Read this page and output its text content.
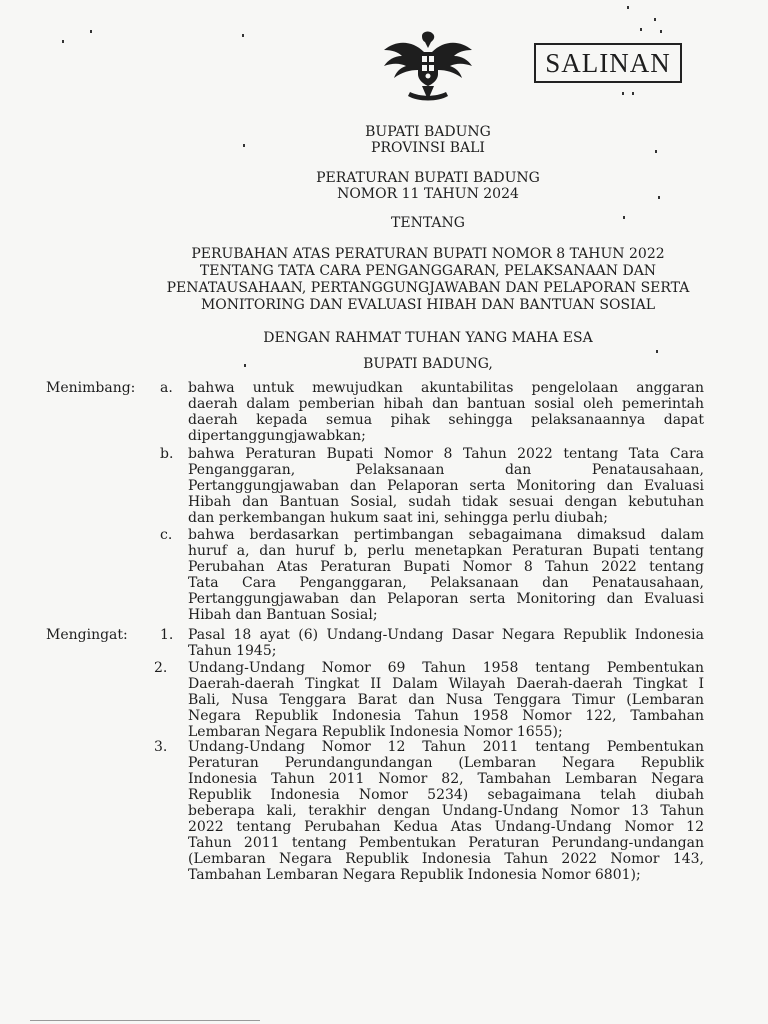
SALINAN
BUPATI BADUNG
PROVINSI BALI
PERATURAN BUPATI BADUNG
NOMOR 11 TAHUN 2024
TENTANG
PERUBAHAN ATAS PERATURAN BUPATI NOMOR 8 TAHUN 2022
TENTANG TATA CARA PENGANGGARAN, PELAKSANAAN DAN
PENATAUSAHAAN, PERTANGGUNGJAWABAN DAN PELAPORAN SERTA
MONITORING DAN EVALUASI HIBAH DAN BANTUAN SOSIAL
DENGAN RAHMAT TUHAN YANG MAHA ESA
BUPATI BADUNG,
Menimbang: a. bahwa untuk mewujudkan akuntabilitas pengelolaan anggaran
daerah dalam pemberian hibah dan bantuan sosial oleh pemerintah
daerah kepada semua pihak sehingga pelaksanaannya dapat
dipertanggungjawabkan;
b. bahwa Peraturan Bupati Nomor 8 Tahun 2022 tentang Tata Cara
Penganggaran, Pelaksanaan dan Penatausahaan,
Pertanggungjawaban dan Pelaporan serta Monitoring dan Evaluasi
Hibah dan Bantuan Sosial, sudah tidak sesuai dengan kebutuhan
dan perkembangan hukum saat ini, sehingga perlu diubah;
c. bahwa berdasarkan pertimbangan sebagaimana dimaksud dalam
huruf a, dan huruf b, perlu menetapkan Peraturan Bupati tentang
Perubahan Atas Peraturan Bupati Nomor 8 Tahun 2022 tentang
Tata Cara Penganggaran, Pelaksanaan dan Penatausahaan,
Pertanggungjawaban dan Pelaporan serta Monitoring dan Evaluasi
Hibah dan Bantuan Sosial;
Mengingat: 1. Pasal 18 ayat (6) Undang-Undang Dasar Negara Republik Indonesia
Tahun 1945;
2. Undang-Undang Nomor 69 Tahun 1958 tentang Pembentukan
Daerah-daerah Tingkat II Dalam Wilayah Daerah-daerah Tingkat I
Bali, Nusa Tenggara Barat dan Nusa Tenggara Timur (Lembaran
Negara Republik Indonesia Tahun 1958 Nomor 122, Tambahan
Lembaran Negara Republik Indonesia Nomor 1655);
3. Undang-Undang Nomor 12 Tahun 2011 tentang Pembentukan
Peraturan Perundangundangan (Lembaran Negara Republik
Indonesia Tahun 2011 Nomor 82, Tambahan Lembaran Negara
Republik Indonesia Nomor 5234) sebagaimana telah diubah
beberapa kali, terakhir dengan Undang-Undang Nomor 13 Tahun
2022 tentang Perubahan Kedua Atas Undang-Undang Nomor 12
Tahun 2011 tentang Pembentukan Peraturan Perundang-undangan
(Lembaran Negara Republik Indonesia Tahun 2022 Nomor 143,
Tambahan Lembaran Negara Republik Indonesia Nomor 6801);
